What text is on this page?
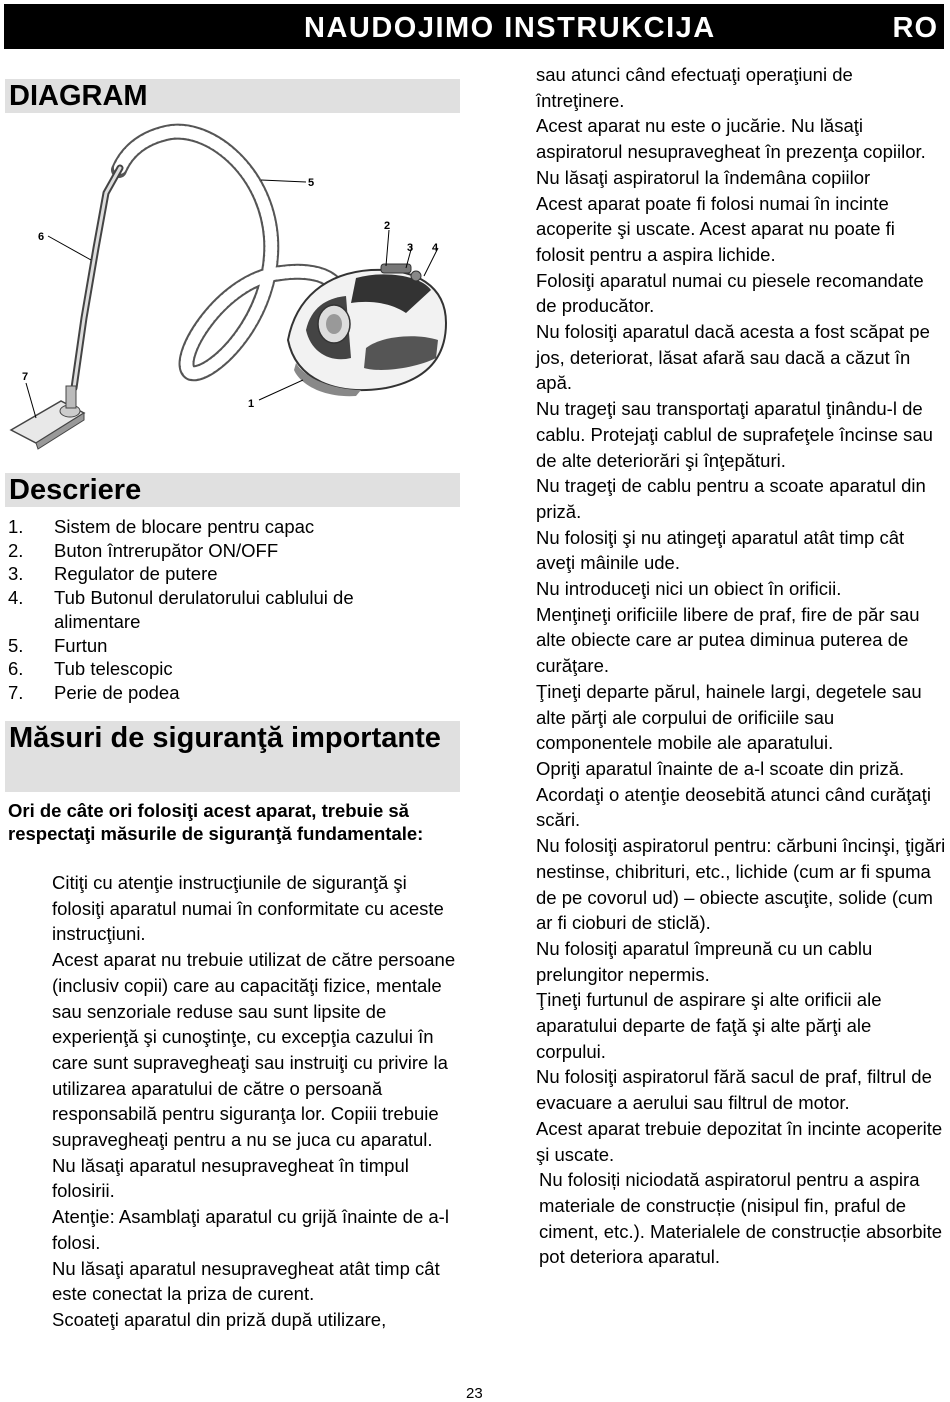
NAUDOJIMO INSTRUKCIJA	RO
DIAGRAM
1
2
3 4
5
6
7
Descriere
1.	Sistem de blocare pentru capac
2.	Buton întrerupător ON/OFF
3.	Regulator de putere
4.	Tub Butonul derulatorului cablului de alimentare
5.	Furtun
6.	Tub telescopic
7.	Perie de podea
Măsuri de siguranţă importante
Ori de câte ori folosiţi acest aparat, trebuie să respectaţi măsurile de siguranţă fundamentale:

Citiţi cu atenţie instrucţiunile de siguranţă şi folosiţi aparatul numai în conformitate cu aceste instrucţiuni.

Acest aparat nu trebuie utilizat de către persoane (inclusiv copii) care au capacităţi fizice, mentale sau senzoriale reduse sau sunt lipsite de experienţă şi cunoştinţe, cu excepţia cazului în care sunt supravegheaţi sau instruiţi cu privire la utilizarea aparatului de către o persoană responsabilă pentru siguranţa lor. Copiii trebuie supravegheaţi pentru a nu se juca cu aparatul.

Nu lăsaţi aparatul nesupravegheat în timpul folosirii.

Atenţie: Asamblaţi aparatul cu grijă înainte de a-l folosi.

Nu lăsaţi aparatul nesupravegheat atât timp cât este conectat la priza de curent.

Scoateţi aparatul din priză după utilizare,

sau atunci când efectuaţi operaţiuni de întreţinere.

Acest aparat nu este o jucărie. Nu lăsaţi aspiratorul nesupravegheat în prezenţa copiilor. Nu lăsaţi aspiratorul la îndemâna copiilor

Acest aparat poate fi folosi numai în incinte acoperite şi uscate. Acest aparat nu poate fi folosit pentru a aspira lichide.

Folosiţi aparatul numai cu piesele recomandate de producător.

Nu folosiţi aparatul dacă acesta a fost scăpat pe jos, deteriorat, lăsat afară sau dacă a căzut în apă.

Nu trageţi sau transportaţi aparatul ţinându-l de cablu. Protejaţi cablul de suprafeţele încinse sau de alte deteriorări şi înţepături.

Nu trageţi de cablu pentru a scoate aparatul din priză.

Nu folosiţi şi nu atingeţi aparatul atât timp cât aveţi mâinile ude.

Nu introduceţi nici un obiect în orificii.

Menţineţi orificiile libere de praf, fire de păr sau alte obiecte care ar putea diminua puterea de curăţare.

Ţineţi departe părul, hainele largi, degetele sau alte părţi ale corpului de orificiile sau componentele mobile ale aparatului.

Opriţi aparatul înainte de a-l scoate din priză.

Acordaţi o atenţie deosebită atunci când curăţaţi scări.

Nu folosiţi aspiratorul pentru: cărbuni încinşi, ţigări nestinse, chibrituri, etc., lichide (cum ar fi spuma de pe covorul ud) – obiecte ascuţite, solide (cum ar fi cioburi de sticlă).

Nu folosiţi aparatul împreună cu un cablu prelungitor nepermis.

Ţineţi furtunul de aspirare şi alte orificii ale aparatului departe de faţă şi alte părţi ale corpului.

Nu folosiţi aspiratorul fără sacul de praf, filtrul de evacuare a aerului sau filtrul de motor.

Acest aparat trebuie depozitat în incinte acoperite şi uscate.

Nu folosiți niciodată aspiratorul pentru a aspira materiale de construcție (nisipul fin, praful de ciment, etc.). Materialele de construcție absorbite pot deteriora aparatul.

23
